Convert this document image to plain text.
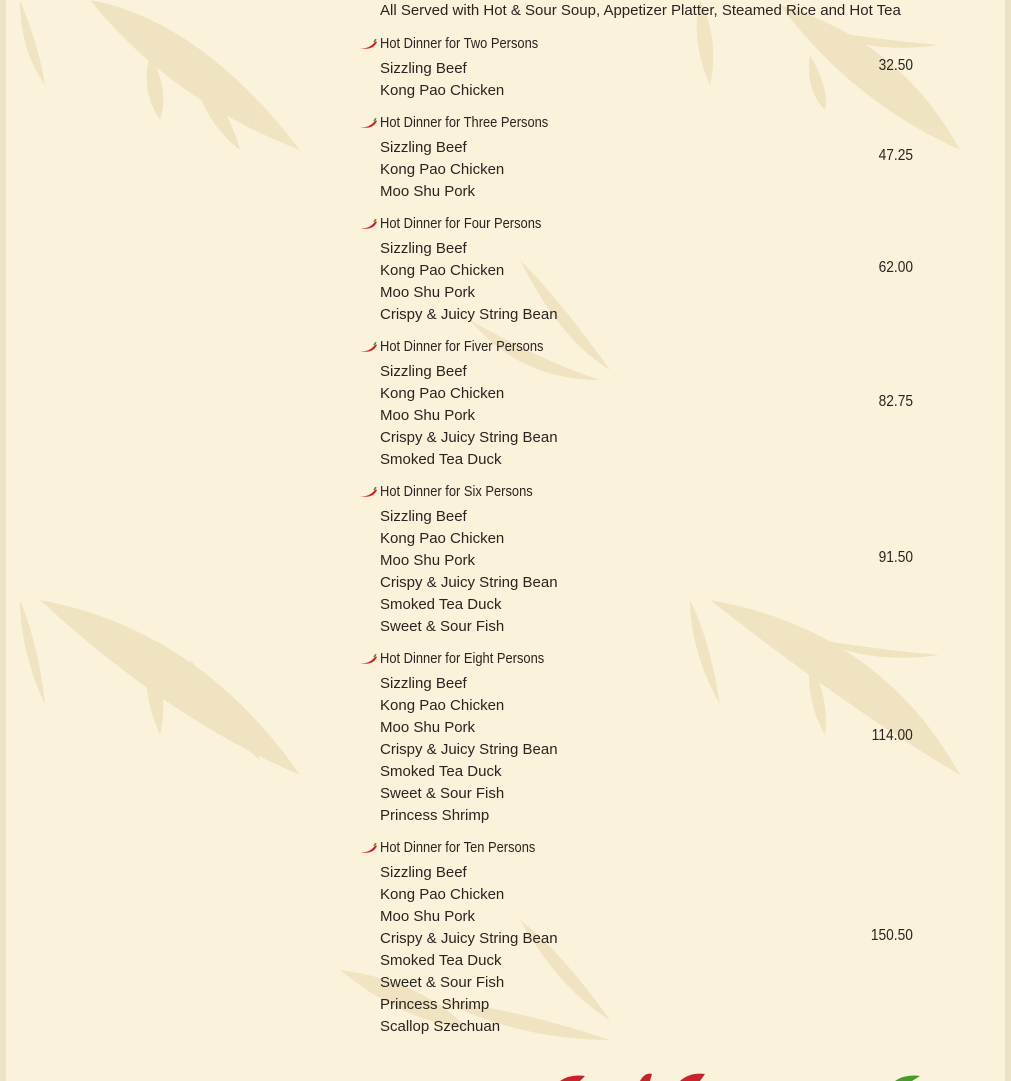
All Served with Hot & Sour Soup, Appetizer Platter, Steamed Rice and Hot Tea
Hot Dinner for Two Persons
Sizzling Beef
Kong Pao Chicken
32.50
Hot Dinner for Three Persons
Sizzling Beef
Kong Pao Chicken
Moo Shu Pork
47.25
Hot Dinner for Four Persons
Sizzling Beef
Kong Pao Chicken
Moo Shu Pork
Crispy & Juicy String Bean
62.00
Hot Dinner for Fiver Persons
Sizzling Beef
Kong Pao Chicken
Moo Shu Pork
Crispy & Juicy String Bean
Smoked Tea Duck
82.75
Hot Dinner for Six Persons
Sizzling Beef
Kong Pao Chicken
Moo Shu Pork
Crispy & Juicy String Bean
Smoked Tea Duck
Sweet & Sour Fish
91.50
Hot Dinner for Eight Persons
Sizzling Beef
Kong Pao Chicken
Moo Shu Pork
Crispy & Juicy String Bean
Smoked Tea Duck
Sweet & Sour Fish
Princess Shrimp
114.00
Hot Dinner for Ten Persons
Sizzling Beef
Kong Pao Chicken
Moo Shu Pork
Crispy & Juicy String Bean
Smoked Tea Duck
Sweet & Sour Fish
Princess Shrimp
Scallop Szechuan
150.50
